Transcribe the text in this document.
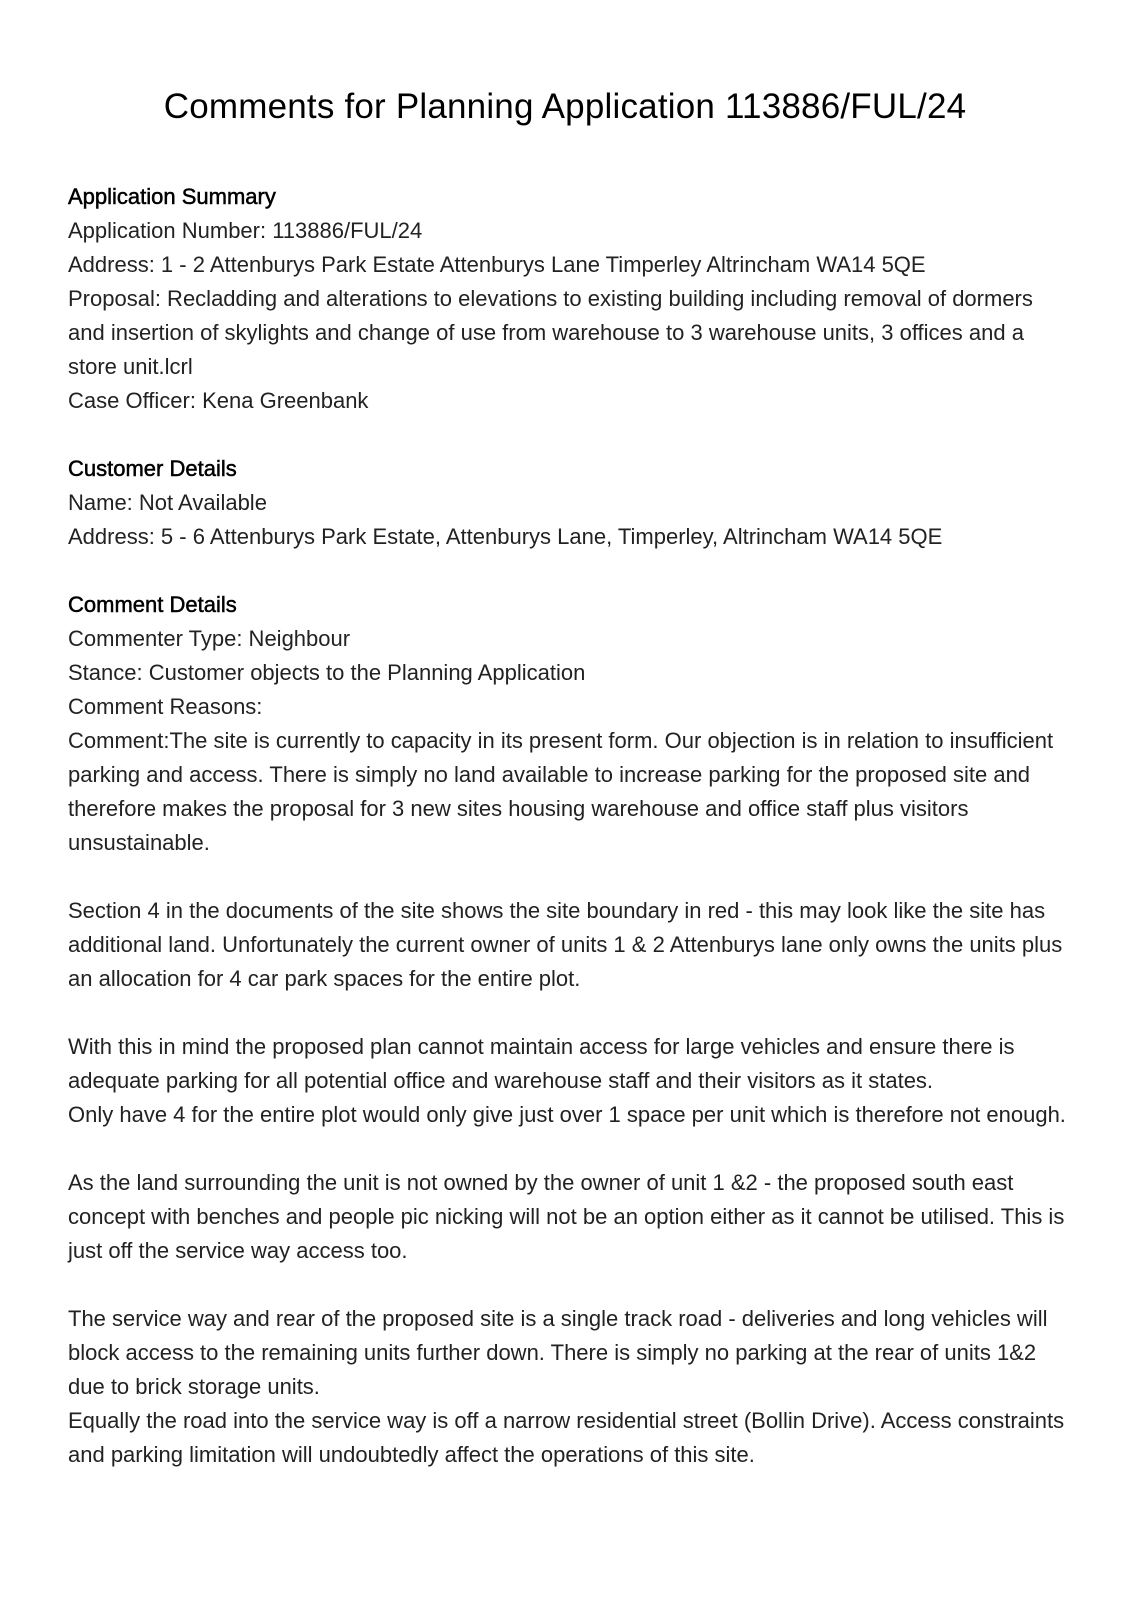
Comments for Planning Application 113886/FUL/24

Application Summary

Application Number: 113886/FUL/24

Address: 1 - 2 Attenburys Park Estate Attenburys Lane Timperley Altrincham WA14 5QE

Proposal: Recladding and alterations to elevations to existing building including removal of dormers and insertion of skylights and change of use from warehouse to 3 warehouse units, 3 offices and a store unit.lcrl

Case Officer: Kena Greenbank

Customer Details

Name: Not Available

Address: 5 - 6 Attenburys Park Estate, Attenburys Lane, Timperley, Altrincham WA14 5QE

Comment Details

Commenter Type: Neighbour

Stance: Customer objects to the Planning Application

Comment Reasons:

Comment:The site is currently to capacity in its present form. Our objection is in relation to insufficient parking and access. There is simply no land available to increase parking for the proposed site and therefore makes the proposal for 3 new sites housing warehouse and office staff plus visitors unsustainable.

Section 4 in the documents of the site shows the site boundary in red - this may look like the site has additional land. Unfortunately the current owner of units 1 & 2 Attenburys lane only owns the units plus an allocation for 4 car park spaces for the entire plot.

With this in mind the proposed plan cannot maintain access for large vehicles and ensure there is adequate parking for all potential office and warehouse staff and their visitors as it states.

Only have 4 for the entire plot would only give just over 1 space per unit which is therefore not enough.

As the land surrounding the unit is not owned by the owner of unit 1 &2 - the proposed south east concept with benches and people pic nicking will not be an option either as it cannot be utilised. This is just off the service way access too.

The service way and rear of the proposed site is a single track road - deliveries and long vehicles will block access to the remaining units further down. There is simply no parking at the rear of units 1&2 due to brick storage units.

Equally the road into the service way is off a narrow residential street (Bollin Drive). Access constraints and parking limitation will undoubtedly affect the operations of this site.
